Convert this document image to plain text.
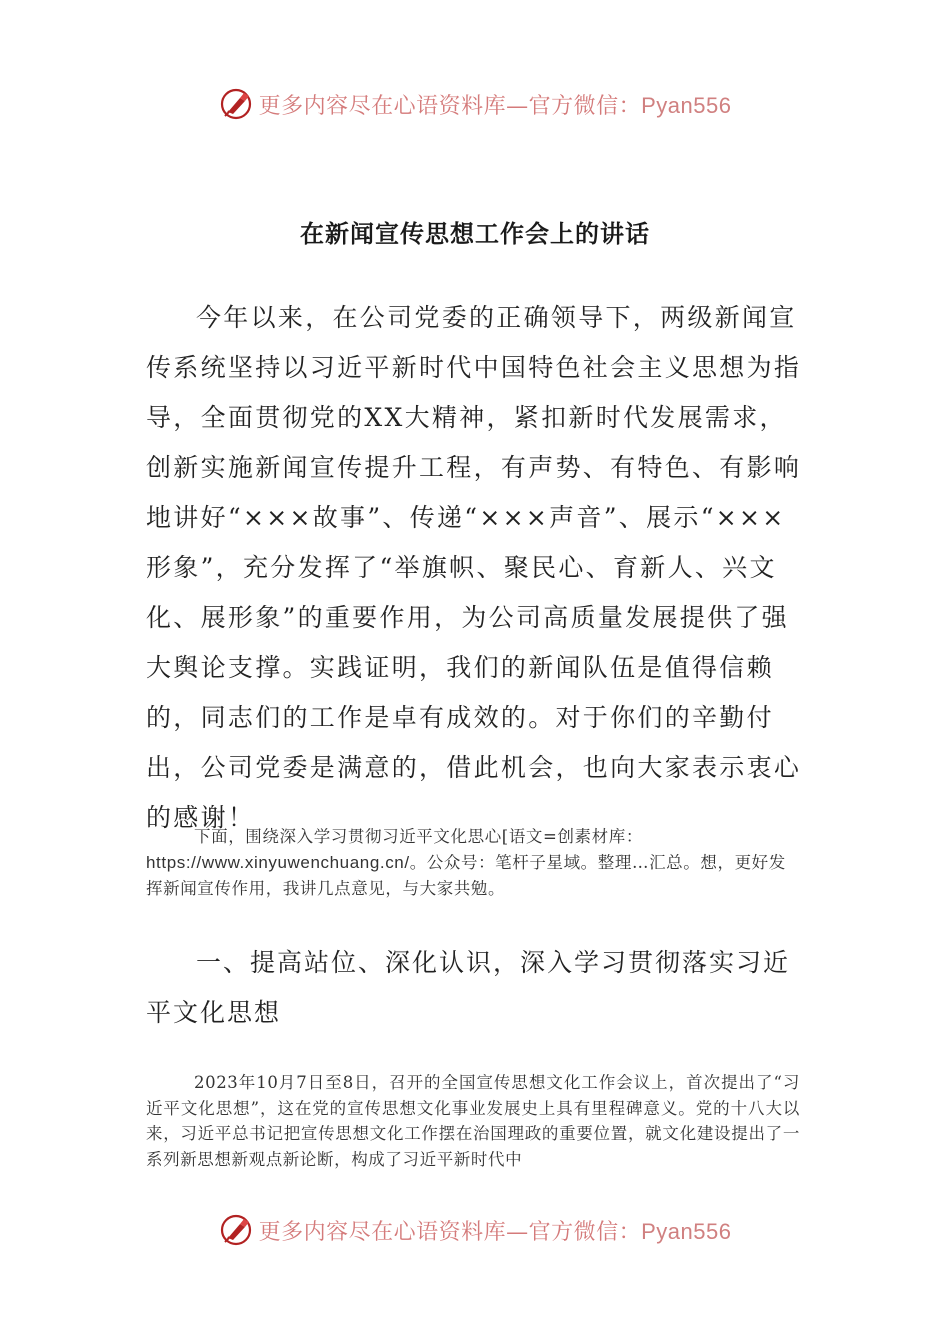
更多内容尽在心语资料库—官方微信：Pyan556
在新闻宣传思想工作会上的讲话

今年以来，在公司党委的正确领导下，两级新闻宣传系统坚持以习近平新时代中国特色社会主义思想为指导，全面贯彻党的XX大精神，紧扣新时代发展需求，创新实施新闻宣传提升工程，有声势、有特色、有影响地讲好“×××故事”、传递“×××声音”、展示“×××形象”，充分发挥了“举旗帜、聚民心、育新人、兴文化、展形象”的重要作用，为公司高质量发展提供了强大舆论支撑。实践证明，我们的新闻队伍是值得信赖的，同志们的工作是卓有成效的。对于你们的辛勤付出，公司党委是满意的，借此机会，也向大家表示衷心的感谢！

下面，围绕深入学习贯彻习近平文化思心[语文=创素材库：https://www.xinyuwenchuang.cn/。公众号：笔杆子星域。整理…汇总。想，更好发挥新闻宣传作用，我讲几点意见，与大家共勉。

一、提高站位、深化认识，深入学习贯彻落实习近平文化思想

2023年10月7日至8日，召开的全国宣传思想文化工作会议上，首次提出了“习近平文化思想”，这在党的宣传思想文化事业发展史上具有里程碑意义。党的十八大以来，习近平总书记把宣传思想文化工作摆在治国理政的重要位置，就文化建设提出了一系列新思想新观点新论断，构成了习近平新时代中

更多内容尽在心语资料库—官方微信：Pyan556
